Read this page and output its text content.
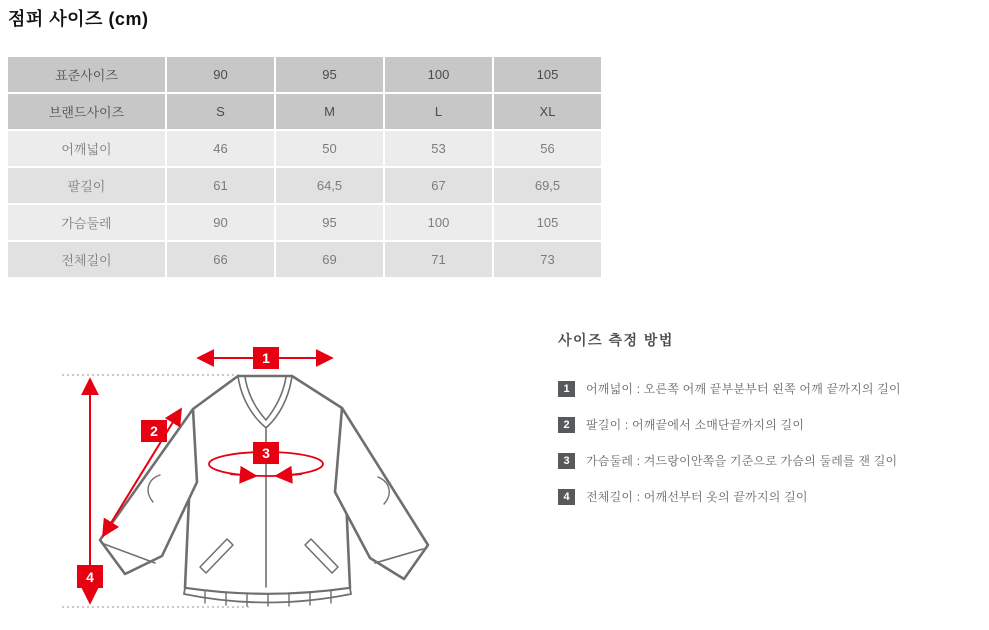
점퍼 사이즈 (cm)
표준사이즈	90	95	100	105
브랜드사이즈	S	M	L	XL
어깨넓이	46	50	53	56
팔길이	61	64,5	67	69,5
가슴둘레	90	95	100	105
전체길이	66	69	71	73
1
2
3
4
사이즈 측정 방법
1	어깨넓이 : 오른쪽 어깨 끝부분부터 왼쪽 어깨 끝까지의 길이
2	팔길이 : 어깨끝에서 소매단끝까지의 길이
3	가슴둘레 : 겨드랑이안쪽을 기준으로 가슴의 둘레를 잰 길이
4	전체길이 : 어깨선부터 옷의 끝까지의 길이
